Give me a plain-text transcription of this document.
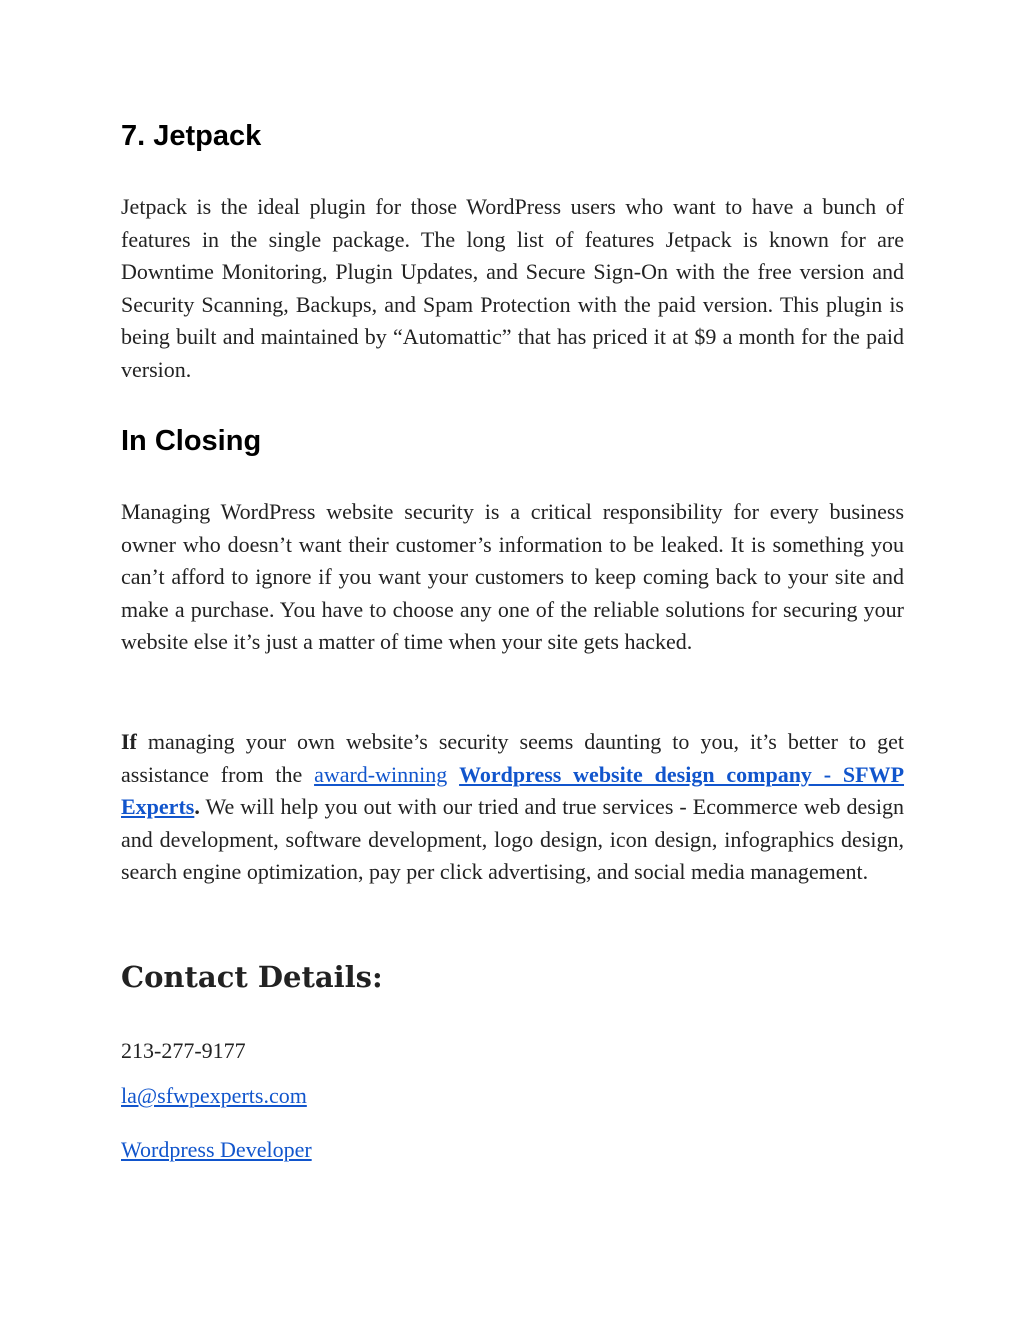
7. Jetpack

Jetpack is the ideal plugin for those WordPress users who want to have a bunch of features in the single package. The long list of features Jetpack is known for are Downtime Monitoring, Plugin Updates, and Secure Sign-On with the free version and Security Scanning, Backups, and Spam Protection with the paid version. This plugin is being built and maintained by “Automattic” that has priced it at $9 a month for the paid version.

In Closing

Managing WordPress website security is a critical responsibility for every business owner who doesn’t want their customer’s information to be leaked. It is something you can’t afford to ignore if you want your customers to keep coming back to your site and make a purchase. You have to choose any one of the reliable solutions for securing your website else it’s just a matter of time when your site gets hacked.

If managing your own website’s security seems daunting to you, it’s better to get assistance from the award-winning Wordpress website design company - SFWP Experts. We will help you out with our tried and true services - Ecommerce web design and development, software development, logo design, icon design, infographics design, search engine optimization, pay per click advertising, and social media management.

Contact Details:

213-277-9177

la@sfwpexperts.com

Wordpress Developer
